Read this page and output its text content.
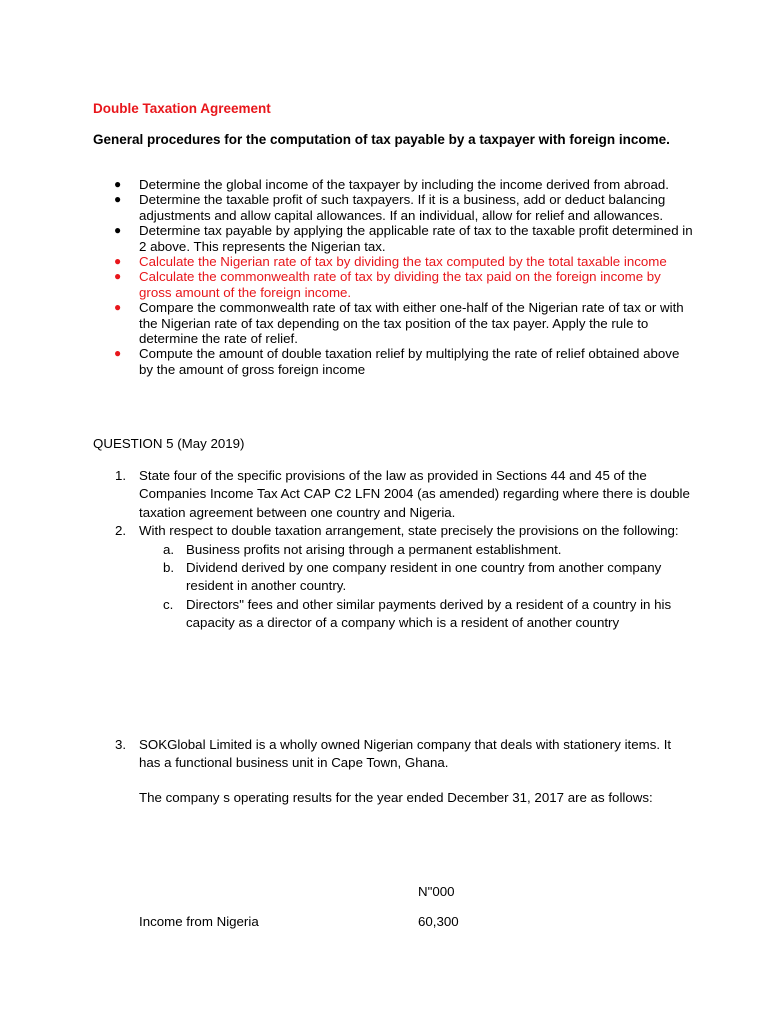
Double Taxation Agreement
General procedures for the computation of tax payable by a taxpayer with foreign income.
● Determine the global income of the taxpayer by including the income derived from abroad.
● Determine the taxable profit of such taxpayers. If it is a business, add or deduct balancing adjustments and allow capital allowances. If an individual, allow for relief and allowances.
● Determine tax payable by applying the applicable rate of tax to the taxable profit determined in 2 above. This represents the Nigerian tax.
● Calculate the Nigerian rate of tax by dividing the tax computed by the total taxable income
● Calculate the commonwealth rate of tax by dividing the tax paid on the foreign income by gross amount of the foreign income.
● Compare the commonwealth rate of tax with either one-half of the Nigerian rate of tax or with the Nigerian rate of tax depending on the tax position of the tax payer. Apply the rule to determine the rate of relief.
● Compute the amount of double taxation relief by multiplying the rate of relief obtained above by the amount of gross foreign income
QUESTION 5 (May 2019)
1. State four of the specific provisions of the law as provided in Sections 44 and 45 of the Companies Income Tax Act CAP C2 LFN 2004 (as amended) regarding where there is double taxation agreement between one country and Nigeria.
2. With respect to double taxation arrangement, state precisely the provisions on the following:
a. Business profits not arising through a permanent establishment.
b. Dividend derived by one company resident in one country from another company resident in another country.
c. Directors" fees and other similar payments derived by a resident of a country in his capacity as a director of a company which is a resident of another country
3. SOKGlobal Limited is a wholly owned Nigerian company that deals with stationery items. It has a functional business unit in Cape Town, Ghana.
The company s operating results for the year ended December 31, 2017 are as follows:
N"000
Income from Nigeria	60,300
